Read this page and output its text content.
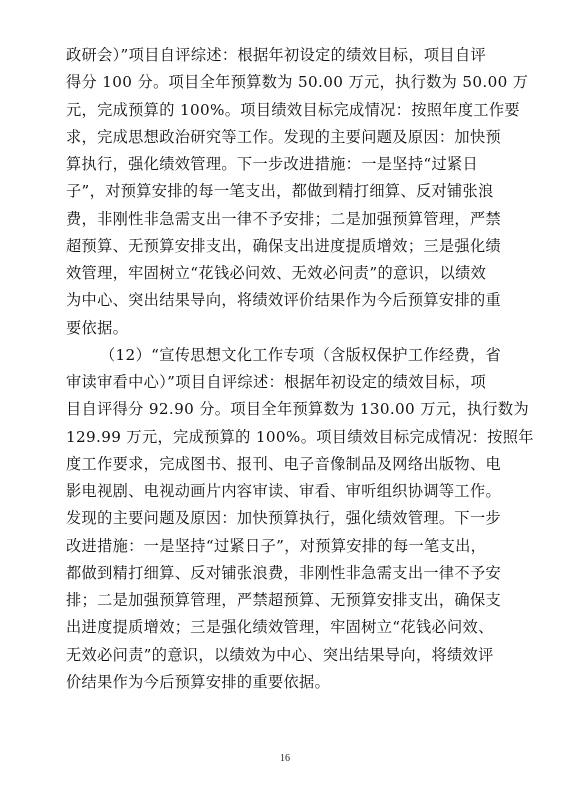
政研会）”项目自评综述：根据年初设定的绩效目标，项目自评
得分 100 分。项目全年预算数为 50.00 万元，执行数为 50.00 万
元，完成预算的 100%。项目绩效目标完成情况：按照年度工作要
求，完成思想政治研究等工作。发现的主要问题及原因：加快预
算执行，强化绩效管理。下一步改进措施：一是坚持“过紧日
子”，对预算安排的每一笔支出，都做到精打细算、反对铺张浪
费，非刚性非急需支出一律不予安排；二是加强预算管理，严禁
超预算、无预算安排支出，确保支出进度提质增效；三是强化绩
效管理，牢固树立“花钱必问效、无效必问责”的意识，以绩效
为中心、突出结果导向，将绩效评价结果作为今后预算安排的重
要依据。
（12）“宣传思想文化工作专项（含版权保护工作经费，省
审读审看中心）”项目自评综述：根据年初设定的绩效目标，项
目自评得分 92.90 分。项目全年预算数为 130.00 万元，执行数为
129.99 万元，完成预算的 100%。项目绩效目标完成情况：按照年
度工作要求，完成图书、报刊、电子音像制品及网络出版物、电
影电视剧、电视动画片内容审读、审看、审听组织协调等工作。
发现的主要问题及原因：加快预算执行，强化绩效管理。下一步
改进措施：一是坚持“过紧日子”，对预算安排的每一笔支出，
都做到精打细算、反对铺张浪费，非刚性非急需支出一律不予安
排；二是加强预算管理，严禁超预算、无预算安排支出，确保支
出进度提质增效；三是强化绩效管理，牢固树立“花钱必问效、
无效必问责”的意识，以绩效为中心、突出结果导向，将绩效评
价结果作为今后预算安排的重要依据。
16
